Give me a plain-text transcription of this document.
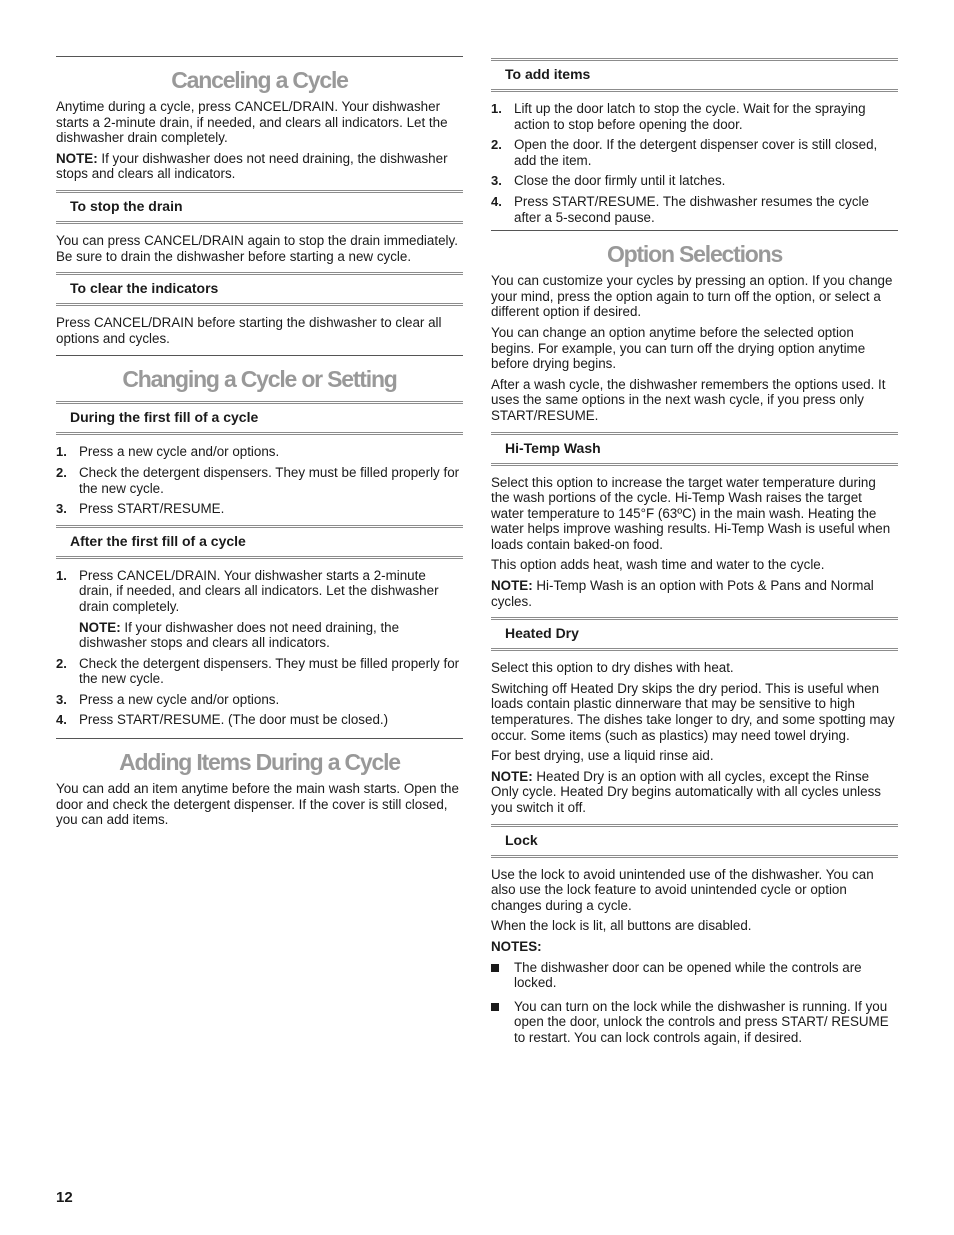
Canceling a Cycle

Anytime during a cycle, press CANCEL/DRAIN. Your dishwasher starts a 2-minute drain, if needed, and clears all indicators. Let the dishwasher drain completely.

NOTE: If your dishwasher does not need draining, the dishwasher stops and clears all indicators.

To stop the drain

You can press CANCEL/DRAIN again to stop the drain immediately. Be sure to drain the dishwasher before starting a new cycle.

To clear the indicators

Press CANCEL/DRAIN before starting the dishwasher to clear all options and cycles.

Changing a Cycle or Setting
During the first fill of a cycle
1. Press a new cycle and/or options.
2. Check the detergent dispensers. They must be filled properly for the new cycle.
3. Press START/RESUME.
After the first fill of a cycle
1. Press CANCEL/DRAIN. Your dishwasher starts a 2-minute drain, if needed, and clears all indicators. Let the dishwasher drain completely.

NOTE: If your dishwasher does not need draining, the dishwasher stops and clears all indicators.

2. Check the detergent dispensers. They must be filled properly for the new cycle.
3. Press a new cycle and/or options.
4. Press START/RESUME. (The door must be closed.)
Adding Items During a Cycle

You can add an item anytime before the main wash starts. Open the door and check the detergent dispenser. If the cover is still closed, you can add items.

To add items
1. Lift up the door latch to stop the cycle. Wait for the spraying action to stop before opening the door.
2. Open the door. If the detergent dispenser cover is still closed, add the item.
3. Close the door firmly until it latches.
4. Press START/RESUME. The dishwasher resumes the cycle after a 5-second pause.
Option Selections

You can customize your cycles by pressing an option. If you change your mind, press the option again to turn off the option, or select a different option if desired.

You can change an option anytime before the selected option begins. For example, you can turn off the drying option anytime before drying begins.

After a wash cycle, the dishwasher remembers the options used. It uses the same options in the next wash cycle, if you press only START/RESUME.

Hi-Temp Wash

Select this option to increase the target water temperature during the wash portions of the cycle. Hi-Temp Wash raises the target water temperature to 145°F (63ºC) in the main wash. Heating the water helps improve washing results. Hi-Temp Wash is useful when loads contain baked-on food.

This option adds heat, wash time and water to the cycle.

NOTE: Hi-Temp Wash is an option with Pots & Pans and Normal cycles.

Heated Dry

Select this option to dry dishes with heat.

Switching off Heated Dry skips the dry period. This is useful when loads contain plastic dinnerware that may be sensitive to high temperatures. The dishes take longer to dry, and some spotting may occur. Some items (such as plastics) may need towel drying.

For best drying, use a liquid rinse aid.

NOTE: Heated Dry is an option with all cycles, except the Rinse Only cycle. Heated Dry begins automatically with all cycles unless you switch it off.

Lock

Use the lock to avoid unintended use of the dishwasher. You can also use the lock feature to avoid unintended cycle or option changes during a cycle.

When the lock is lit, all buttons are disabled.

NOTES:

The dishwasher door can be opened while the controls are locked.
You can turn on the lock while the dishwasher is running. If you open the door, unlock the controls and press START/ RESUME to restart. You can lock controls again, if desired.
12
